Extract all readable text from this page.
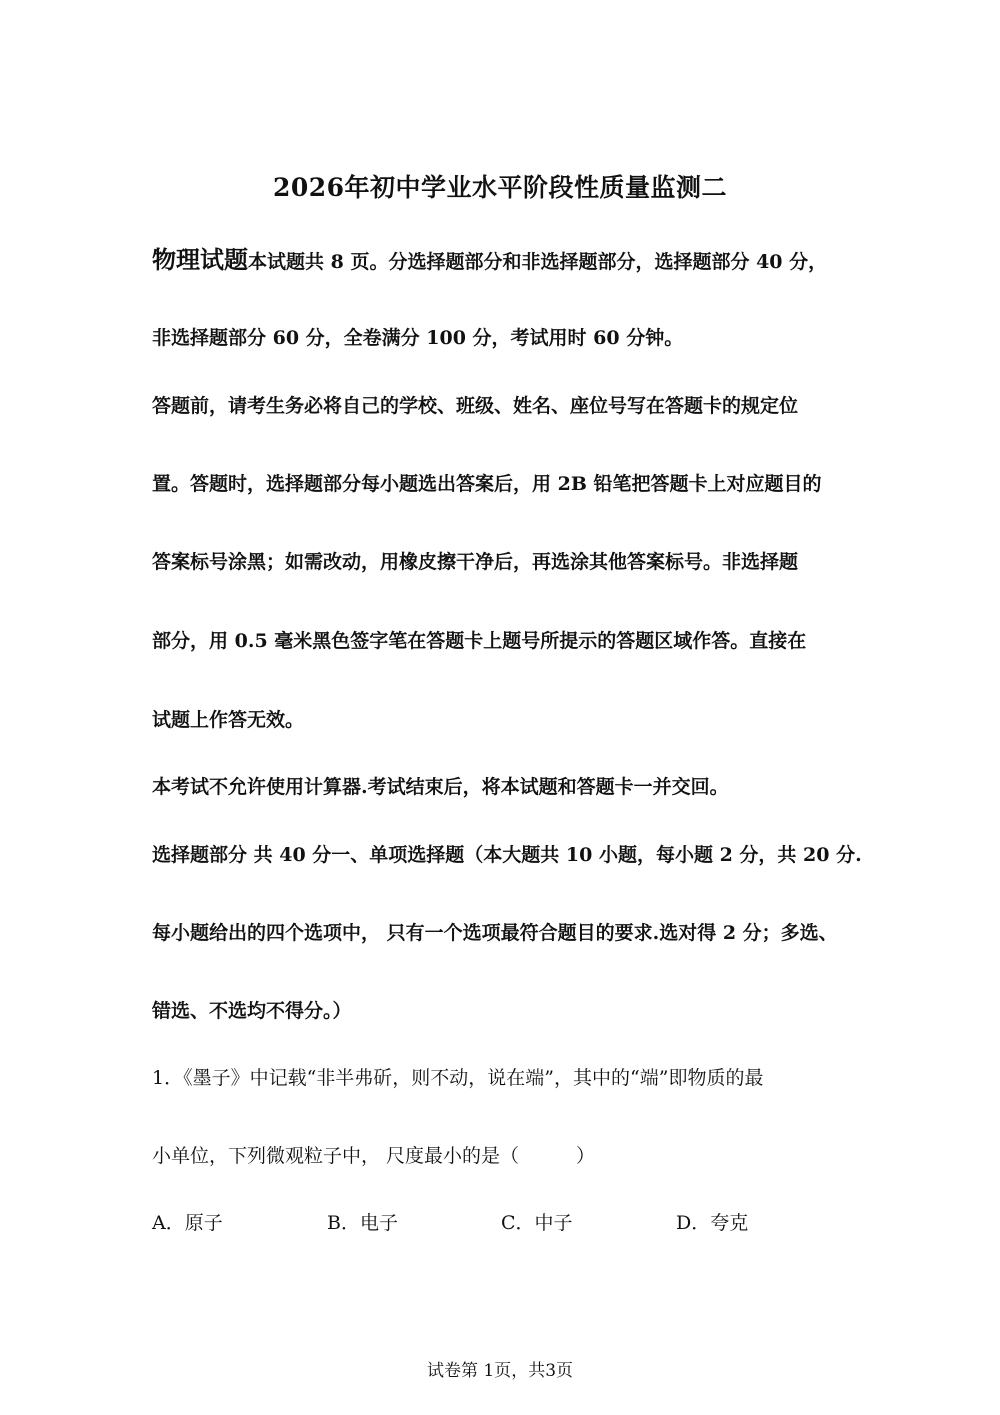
2026年初中学业水平阶段性质量监测二
物理试题本试题共 8 页。分选择题部分和非选择题部分，选择题部分 40 分，
非选择题部分 60 分，全卷满分 100 分，考试用时 60 分钟。
答题前，请考生务必将自己的学校、班级、姓名、座位号写在答题卡的规定位
置。答题时，选择题部分每小题选出答案后，用 2B 铅笔把答题卡上对应题目的
答案标号涂黑；如需改动，用橡皮擦干净后，再选涂其他答案标号。非选择题
部分，用 0.5 毫米黑色签字笔在答题卡上题号所提示的答题区域作答。直接在
试题上作答无效。
本考试不允许使用计算器.考试结束后，将本试题和答题卡一并交回。
选择题部分 共 40 分一、单项选择题（本大题共 10 小题，每小题 2 分，共 20 分.
每小题给出的四个选项中， 只有一个选项最符合题目的要求.选对得 2 分；多选、
错选、不选均不得分。）
1．《墨子》中记载“非半弗斫，则不动，说在端”，其中的“端”即物质的最
小单位，下列微观粒子中， 尺度最小的是（　　　）
A．原子	B．电子	C．中子	D．夸克
试卷第 1页，共3页
